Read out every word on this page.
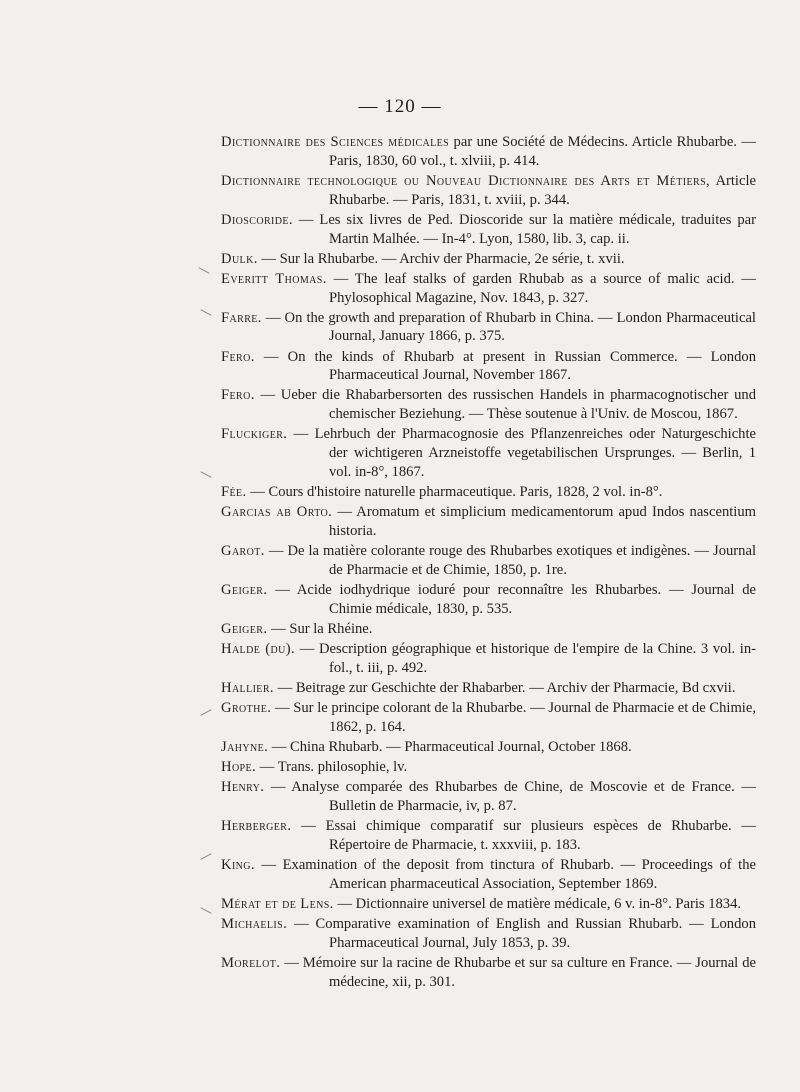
— 120 —

Dictionnaire des Sciences médicales par une Société de Médecins. Article Rhubarbe. — Paris, 1830, 60 vol., t. xlviii, p. 414.

Dictionnaire technologique ou Nouveau Dictionnaire des Arts et Métiers, Article Rhubarbe. — Paris, 1831, t. xviii, p. 344.

Dioscoride. — Les six livres de Ped. Dioscoride sur la matière médicale, traduites par Martin Malhée. — In-4°. Lyon, 1580, lib. 3, cap. ii.

Dulk. — Sur la Rhubarbe. — Archiv der Pharmacie, 2e série, t. xvii.

Everitt Thomas. — The leaf stalks of garden Rhubab as a source of malic acid. — Phylosophical Magazine, Nov. 1843, p. 327.

Farre. — On the growth and preparation of Rhubarb in China. — London Pharmaceutical Journal, January 1866, p. 375.

Fero. — On the kinds of Rhubarb at present in Russian Commerce. — London Pharmaceutical Journal, November 1867.

Fero. — Ueber die Rhabarbersorten des russischen Handels in pharmacognotischer und chemischer Beziehung. — Thèse soutenue à l'Univ. de Moscou, 1867.

Fluckiger. — Lehrbuch der Pharmacognosie des Pflanzenreiches oder Naturgeschichte der wichtigeren Arzneistoffe vegetabilischen Ursprunges. — Berlin, 1 vol. in-8°, 1867.

Fée. — Cours d'histoire naturelle pharmaceutique. Paris, 1828, 2 vol. in-8°.

Garcias ab Orto. — Aromatum et simplicium medicamentorum apud Indos nascentium historia.

Garot. — De la matière colorante rouge des Rhubarbes exotiques et indigènes. — Journal de Pharmacie et de Chimie, 1850, p. 1re.

Geiger. — Acide iodhydrique ioduré pour reconnaître les Rhubarbes. — Journal de Chimie médicale, 1830, p. 535.

Geiger. — Sur la Rhéine.

Halde (du). — Description géographique et historique de l'empire de la Chine. 3 vol. in-fol., t. iii, p. 492.

Hallier. — Beitrage zur Geschichte der Rhabarber. — Archiv der Pharmacie, Bd cxvii.

Grothe. — Sur le principe colorant de la Rhubarbe. — Journal de Pharmacie et de Chimie, 1862, p. 164.

Jahyne. — China Rhubarb. — Pharmaceutical Journal, October 1868.

Hope. — Trans. philosophie, lv.

Henry. — Analyse comparée des Rhubarbes de Chine, de Moscovie et de France. — Bulletin de Pharmacie, iv, p. 87.

Herberger. — Essai chimique comparatif sur plusieurs espèces de Rhubarbe. — Répertoire de Pharmacie, t. xxxviii, p. 183.

King. — Examination of the deposit from tinctura of Rhubarb. — Proceedings of the American pharmaceutical Association, September 1869.

Mérat et de Lens. — Dictionnaire universel de matière médicale, 6 v. in-8°. Paris 1834.

Michaelis. — Comparative examination of English and Russian Rhubarb. — London Pharmaceutical Journal, July 1853, p. 39.

Morelot. — Mémoire sur la racine de Rhubarbe et sur sa culture en France. — Journal de médecine, xii, p. 301.
